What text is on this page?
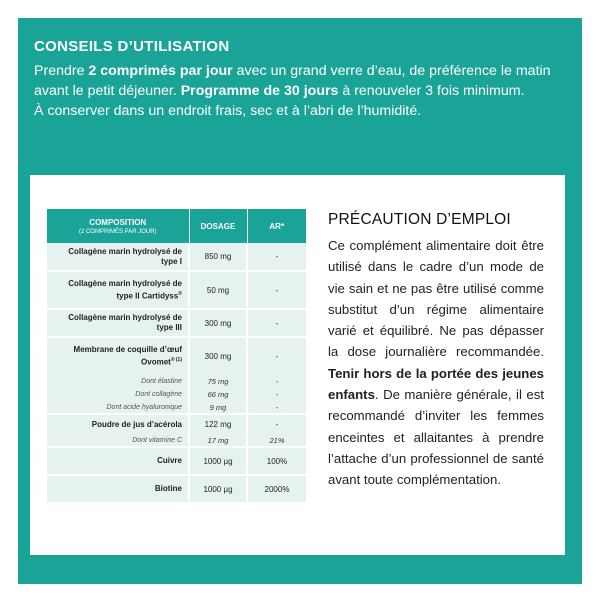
CONSEILS D’UTILISATION
Prendre 2 comprimés par jour avec un grand verre d’eau, de préférence le matin avant le petit déjeuner. Programme de 30 jours à renouveler 3 fois minimum.
À conserver dans un endroit frais, sec et à l’abri de l’humidité.
COMPOSITION
(2 COMPRIMÉS PAR JOUR)	DOSAGE	AR*
Collagène marin hydrolysé de type I	850 mg	-
Collagène marin hydrolysé de type II Cartidyss®	50 mg	-
Collagène marin hydrolysé de type III	300 mg	-
Membrane de coquille d’œuf Ovomet$^{® (1)}$	300 mg	-
Dont élastine	75 mg	-
Dont collagène	66 mg	-
Dont acide hyaluronique	9 mg	-
Poudre de jus d’acérola	122 mg	-
Dont vitamine C	17 mg	21%
Cuivre	1000 µg	100%
Biotine	1000 µg	2000%
PRÉCAUTION D’EMPLOI
Ce complément alimentaire doit être utilisé dans le cadre d’un mode de vie sain et ne pas être utilisé comme substitut d’un régime alimentaire varié et équilibré. Ne pas dépasser la dose journalière recommandée. Tenir hors de la portée des jeunes enfants. De manière générale, il est recommandé d’inviter les femmes enceintes et allaitantes à prendre l’attache d’un professionnel de santé avant toute complémentation.
